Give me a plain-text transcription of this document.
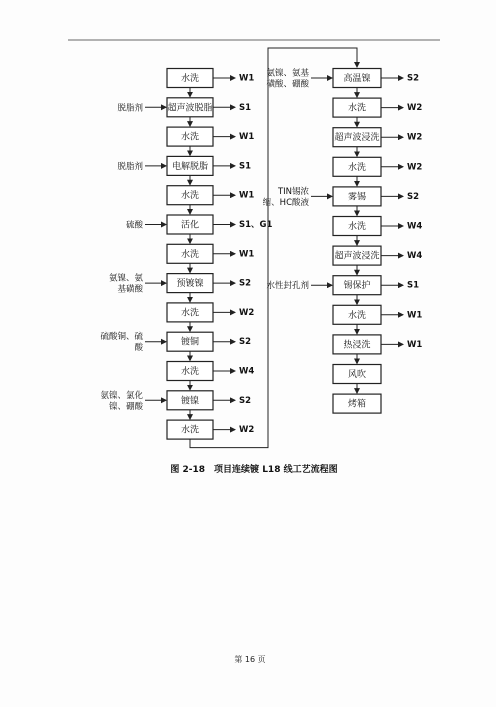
水洗	W1
超声波脱脂	S1
脱脂剂
水洗	W1
电解脱脂	S1
脱脂剂
水洗	W1
活化	S1、G1
硫酸
水洗	W1
预镀镍	S2
氨镍、氨
基磺酸
水洗	W2
镀铜	S2
硫酸铜、硫
酸
水洗	W4
镀镍	S2
氨镍、氯化
镍、硼酸
水洗	W2
高温镍	S2
氨镍、氨基
磺酸、硼酸
水洗	W2
超声波浸洗	W2
水洗	W2
雾锡	S2
TIN锡浓
缩、HC酸液
水洗	W4
超声波浸洗	W4
锡保护	S1
水性封孔剂
水洗	W1
热浸洗	W1
风吹
烤箱
图 2-18　项目连续镀 L18 线工艺流程图
第 16 页
